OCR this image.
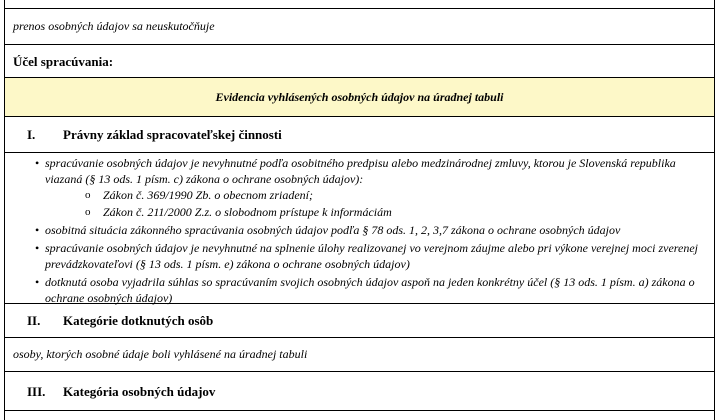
prenos osobných údajov sa neuskutočňuje
Účel spracúvania:
Evidencia vyhlásených osobných údajov na úradnej tabuli
I. Právny základ spracovateľskej činnosti
• spracúvanie osobných údajov je nevyhnutné podľa osobitného predpisu alebo medzinárodnej zmluvy, ktorou je Slovenská republika viazaná (§ 13 ods. 1 písm. c) zákona o ochrane osobných údajov):
o Zákon č. 369/1990 Zb. o obecnom zriadení;
o Zákon č. 211/2000 Z.z. o slobodnom prístupe k informáciám
• osobitná situácia zákonného spracúvania osobných údajov podľa § 78 ods. 1, 2, 3,7 zákona o ochrane osobných údajov
• spracúvanie osobných údajov je nevyhnutné na splnenie úlohy realizovanej vo verejnom záujme alebo pri výkone verejnej moci zverenej prevádzkovateľovi (§ 13 ods. 1 písm. e) zákona o ochrane osobných údajov)
• dotknutá osoba vyjadrila súhlas so spracúvaním svojich osobných údajov aspoň na jeden konkrétny účel (§ 13 ods. 1 písm. a) zákona o ochrane osobných údajov)
II. Kategórie dotknutých osôb
osoby, ktorých osobné údaje boli vyhlásené na úradnej tabuli
III. Kategória osobných údajov
